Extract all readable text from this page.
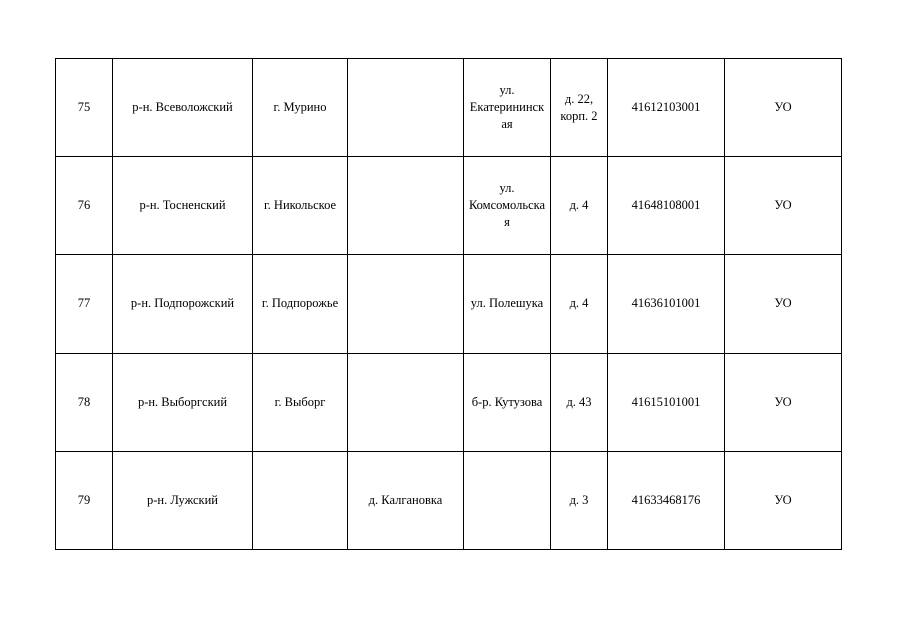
75	р-н. Всеволожский	г. Мурино		ул.
Екатерининск
ая	д. 22,
корп. 2	41612103001	УО
76	р-н. Тосненский	г. Никольское		ул.
Комсомольска
я	д. 4	41648108001	УО
77	р-н. Подпорожский	г. Подпорожье		ул. Полешука	д. 4	41636101001	УО
78	р-н. Выборгский	г. Выборг		б-р. Кутузова	д. 43	41615101001	УО
79	р-н. Лужский		д. Калгановка		д. 3	41633468176	УО
